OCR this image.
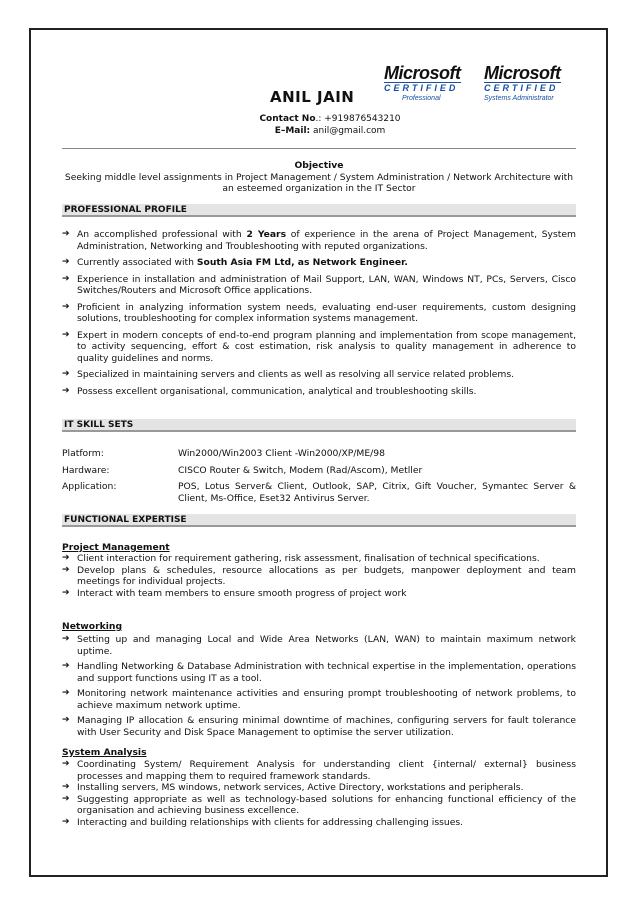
ANIL JAIN
Contact No.: +919876543210
E–Mail: anil@gmail.com
Microsoft
CERTIFIED
Professional
Microsoft
CERTIFIED
Systems Administrator
Objective
Seeking middle level assignments in Project Management / System Administration / Network Architecture with an esteemed organization in the IT Sector
PROFESSIONAL PROFILE
➔ An accomplished professional with 2 Years of experience in the arena of Project Management, System Administration, Networking and Troubleshooting with reputed organizations.
➔ Currently associated with South Asia FM Ltd, as Network Engineer.
➔ Experience in installation and administration of Mail Support, LAN, WAN, Windows NT, PCs, Servers, Cisco Switches/Routers and Microsoft Office applications.
➔ Proficient in analyzing information system needs, evaluating end-user requirements, custom designing solutions, troubleshooting for complex information systems management.
➔ Expert in modern concepts of end-to-end program planning and implementation from scope management, to activity sequencing, effort & cost estimation, risk analysis to quality management in adherence to quality guidelines and norms.
➔ Specialized in maintaining servers and clients as well as resolving all service related problems.
➔ Possess excellent organisational, communication, analytical and troubleshooting skills.
IT SKILL SETS
Platform:	Win2000/Win2003 Client -Win2000/XP/ME/98
Hardware:	CISCO Router & Switch, Modem (Rad/Ascom), Metller
Application:	POS, Lotus Server& Client, Outlook, SAP, Citrix, Gift Voucher, Symantec Server & Client, Ms-Office, Eset32 Antivirus Server.
FUNCTIONAL EXPERTISE
Project Management
➔ Client interaction for requirement gathering, risk assessment, finalisation of technical specifications.
➔ Develop plans & schedules, resource allocations as per budgets, manpower deployment and team meetings for individual projects.
➔ Interact with team members to ensure smooth progress of project work
Networking
➔ Setting up and managing Local and Wide Area Networks (LAN, WAN) to maintain maximum network uptime.
➔ Handling Networking & Database Administration with technical expertise in the implementation, operations and support functions using IT as a tool.
➔ Monitoring network maintenance activities and ensuring prompt troubleshooting of network problems, to achieve maximum network uptime.
➔ Managing IP allocation & ensuring minimal downtime of machines, configuring servers for fault tolerance with User Security and Disk Space Management to optimise the server utilization.
System Analysis
➔ Coordinating System/ Requirement Analysis for understanding client {internal/ external} business processes and mapping them to required framework standards.
➔ Installing servers, MS windows, network services, Active Directory, workstations and peripherals.
➔ Suggesting appropriate as well as technology-based solutions for enhancing functional efficiency of the organisation and achieving business excellence.
➔ Interacting and building relationships with clients for addressing challenging issues.
